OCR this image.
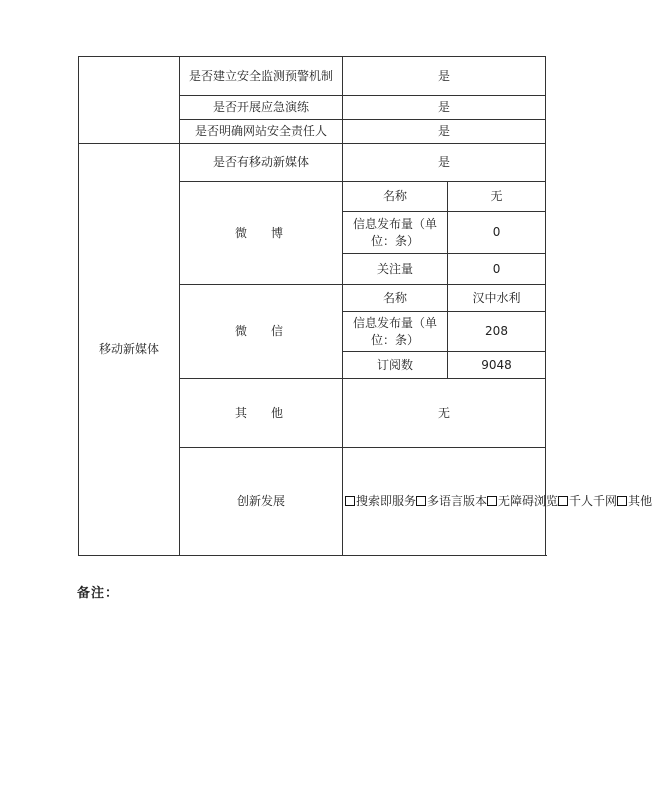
	是否建立安全监测预警机制	是	
	是否开展应急演练	是	
	是否明确网站安全责任人	是	
移动新媒体	是否有移动新媒体	是	
	微　博	名称	无
		信息发布量（单位：条）	0
		关注量	0
	微　信	名称	汉中水利
		信息发布量（单位：条）	208
		订阅数	9048
	其　他	无	
	创新发展	搜索即服务 多语言版本 无障碍浏览 千人千网 其他	
备注：
